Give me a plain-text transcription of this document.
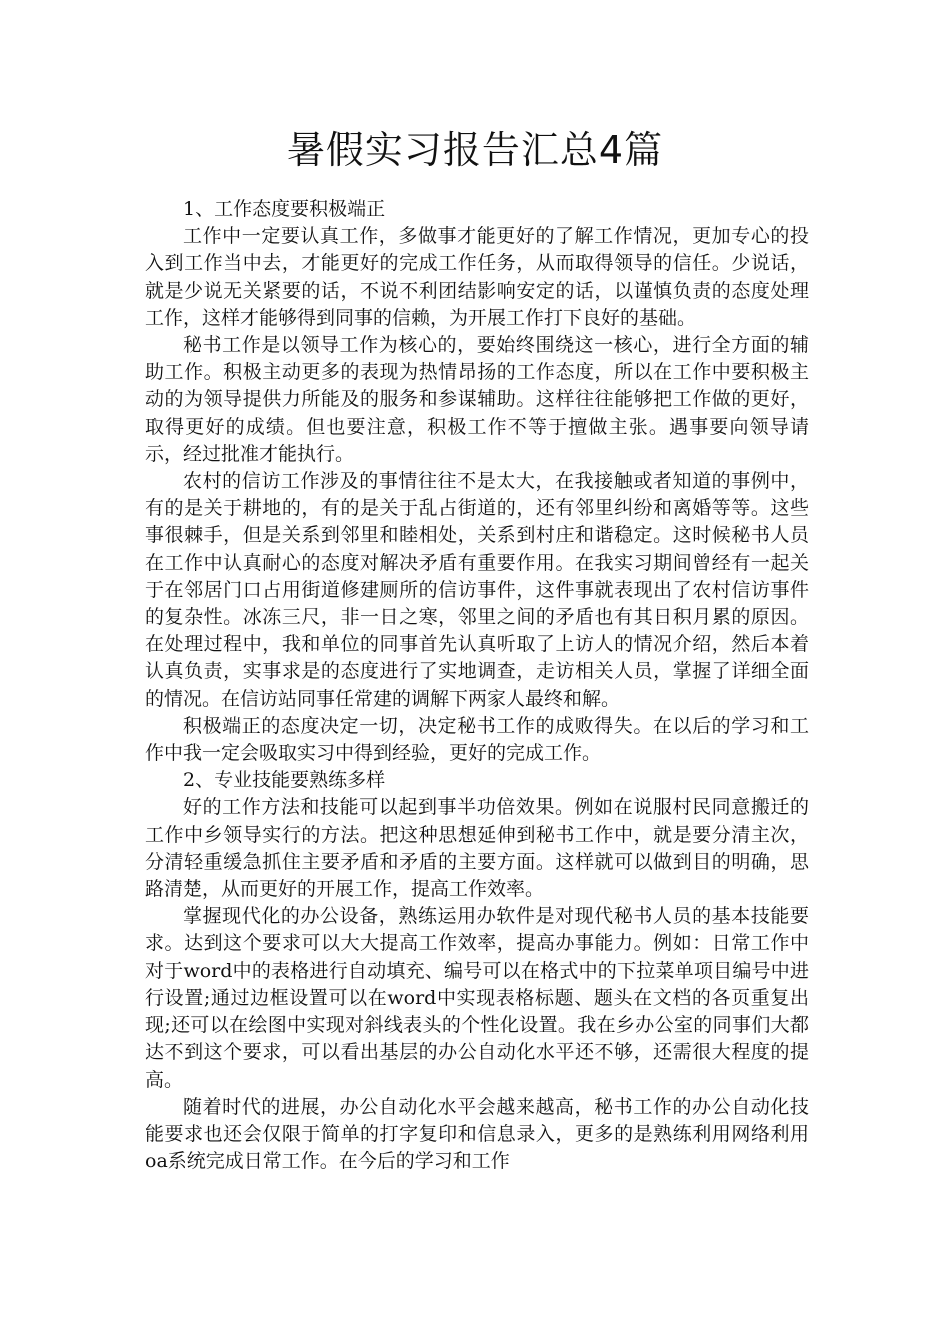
暑假实习报告汇总4篇

1、工作态度要积极端正

工作中一定要认真工作，多做事才能更好的了解工作情况，更加专心的投入到工作当中去，才能更好的完成工作任务，从而取得领导的信任。少说话，就是少说无关紧要的话，不说不利团结影响安定的话，以谨慎负责的态度处理工作，这样才能够得到同事的信赖，为开展工作打下良好的基础。

秘书工作是以领导工作为核心的，要始终围绕这一核心，进行全方面的辅助工作。积极主动更多的表现为热情昂扬的工作态度，所以在工作中要积极主动的为领导提供力所能及的服务和参谋辅助。这样往往能够把工作做的更好，取得更好的成绩。但也要注意，积极工作不等于擅做主张。遇事要向领导请示，经过批准才能执行。

农村的信访工作涉及的事情往往不是太大，在我接触或者知道的事例中，有的是关于耕地的，有的是关于乱占街道的，还有邻里纠纷和离婚等等。这些事很棘手，但是关系到邻里和睦相处，关系到村庄和谐稳定。这时候秘书人员在工作中认真耐心的态度对解决矛盾有重要作用。在我实习期间曾经有一起关于在邻居门口占用街道修建厕所的信访事件，这件事就表现出了农村信访事件的复杂性。冰冻三尺，非一日之寒，邻里之间的矛盾也有其日积月累的原因。在处理过程中，我和单位的同事首先认真听取了上访人的情况介绍，然后本着认真负责，实事求是的态度进行了实地调查，走访相关人员，掌握了详细全面的情况。在信访站同事任常建的调解下两家人最终和解。

积极端正的态度决定一切，决定秘书工作的成败得失。在以后的学习和工作中我一定会吸取实习中得到经验，更好的完成工作。

2、专业技能要熟练多样

好的工作方法和技能可以起到事半功倍效果。例如在说服村民同意搬迁的工作中乡领导实行的方法。把这种思想延伸到秘书工作中，就是要分清主次，分清轻重缓急抓住主要矛盾和矛盾的主要方面。这样就可以做到目的明确，思路清楚，从而更好的开展工作，提高工作效率。

掌握现代化的办公设备，熟练运用办软件是对现代秘书人员的基本技能要求。达到这个要求可以大大提高工作效率，提高办事能力。例如：日常工作中对于word中的表格进行自动填充、编号可以在格式中的下拉菜单项目编号中进行设置;通过边框设置可以在word中实现表格标题、题头在文档的各页重复出现;还可以在绘图中实现对斜线表头的个性化设置。我在乡办公室的同事们大都达不到这个要求，可以看出基层的办公自动化水平还不够，还需很大程度的提高。

随着时代的进展，办公自动化水平会越来越高，秘书工作的办公自动化技能要求也还会仅限于简单的打字复印和信息录入，更多的是熟练利用网络利用oa系统完成日常工作。在今后的学习和工作
